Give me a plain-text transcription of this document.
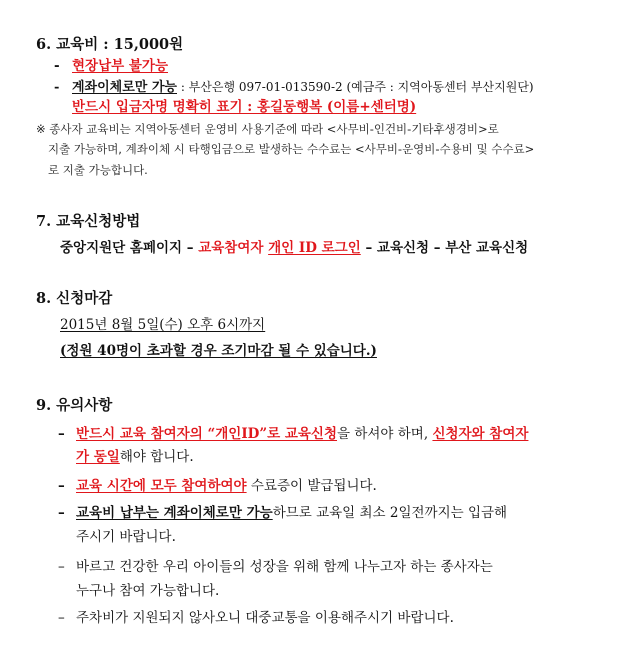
6. 교육비 : 15,000원
- 현장납부 불가능
- 계좌이체로만 가능 : 부산은행 097-01-013590-2 (예금주 : 지역아동센터 부산지원단)
반드시 입금자명 명확히 표기 : 홍길동행복 (이름+센터명)
※ 종사자 교육비는 지역아동센터 운영비 사용기준에 따라 <사무비-인건비-기타후생경비>로
지출 가능하며, 계좌이체 시 타행입금으로 발생하는 수수료는 <사무비-운영비-수용비 및 수수료>
로 지출 가능합니다.
7. 교육신청방법
중앙지원단 홈페이지 – 교육참여자 개인 ID 로그인 – 교육신청 – 부산 교육신청
8. 신청마감
2015년 8월 5일(수) 오후 6시까지
(정원 40명이 초과할 경우 조기마감 될 수 있습니다.)
9. 유의사항
– 반드시 교육 참여자의 “개인ID”로 교육신청을 하셔야 하며, 신청자와 참여자
가 동일해야 합니다.
– 교육 시간에 모두 참여하여야 수료증이 발급됩니다.
– 교육비 납부는 계좌이체로만 가능하므로 교육일 최소 2일전까지는 입금해
주시기 바랍니다.
– 바르고 건강한 우리 아이들의 성장을 위해 함께 나누고자 하는 종사자는
누구나 참여 가능합니다.
– 주차비가 지원되지 않사오니 대중교통을 이용해주시기 바랍니다.
